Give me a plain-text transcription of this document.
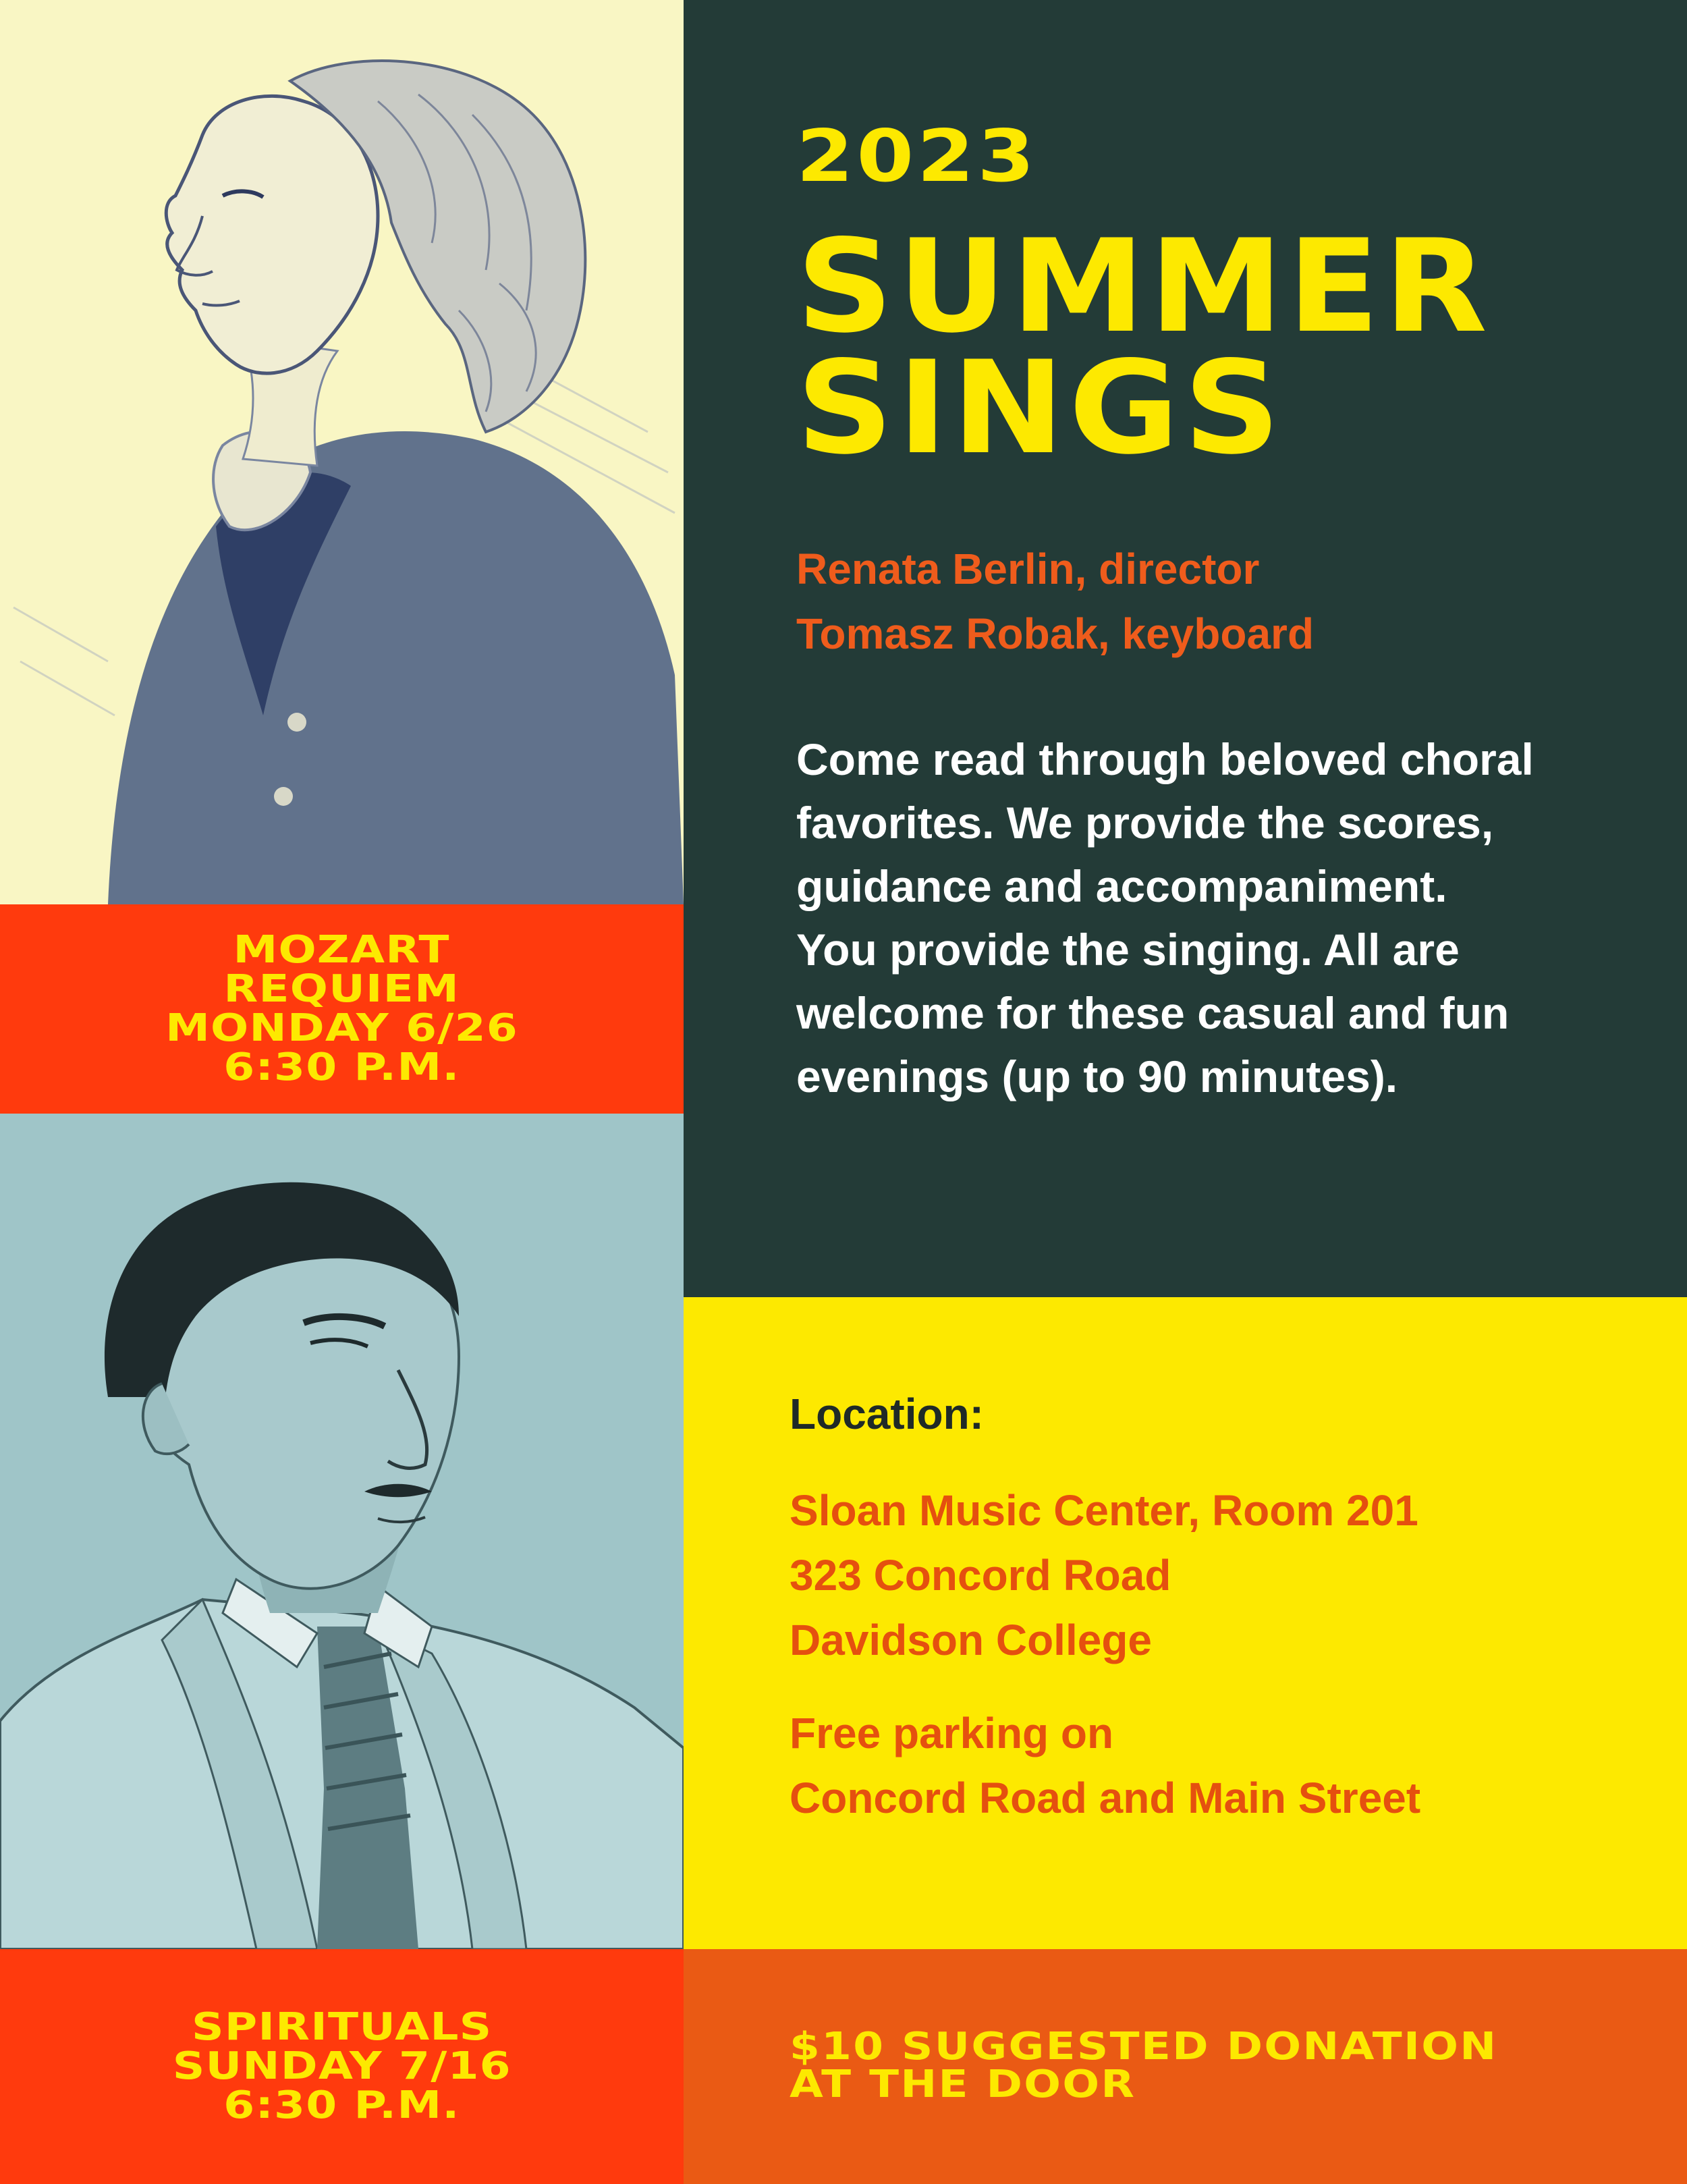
MOZART
REQUIEM
MONDAY 6/26
6:30 P.M.
SPIRITUALS
SUNDAY 7/16
6:30 P.M.
2023
SUMMER
SINGS
Renata Berlin, director
Tomasz Robak, keyboard
Come read through beloved choral
favorites. We provide the scores,
guidance and accompaniment.
You provide the singing. All are
welcome for these casual and fun
evenings (up to 90 minutes).
Location:
Sloan Music Center, Room 201
323 Concord Road
Davidson College
Free parking on
Concord Road and Main Street
$10 SUGGESTED DONATION
AT THE DOOR
